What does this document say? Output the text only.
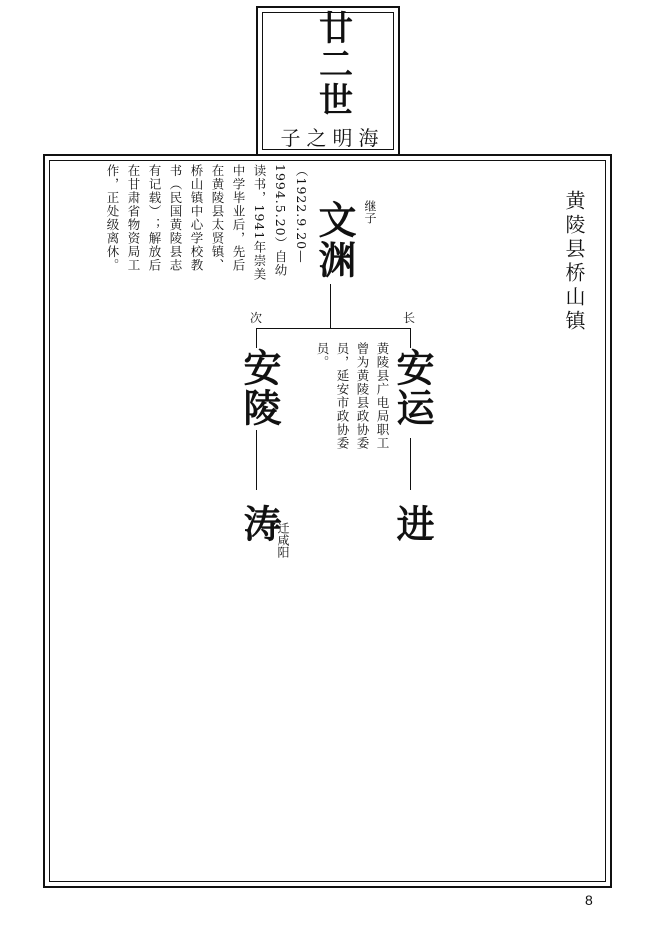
廿二世
子之明海
黄陵县桥山镇
文渊 继子
（1922.9.20—
1994.5.20）自幼
读书，1941年崇美
中学毕业后，先后
在黄陵县太贤镇、
桥山镇中心学校教
书（民国黄陵县志
有记载）；解放后
在甘肃省物资局工
作，正处级离休。
长
安运
黄陵县广电局职工
曾为黄陵县政协委
员，延安市政协委
员。
进
次
安陵
涛
迁咸阳
8
